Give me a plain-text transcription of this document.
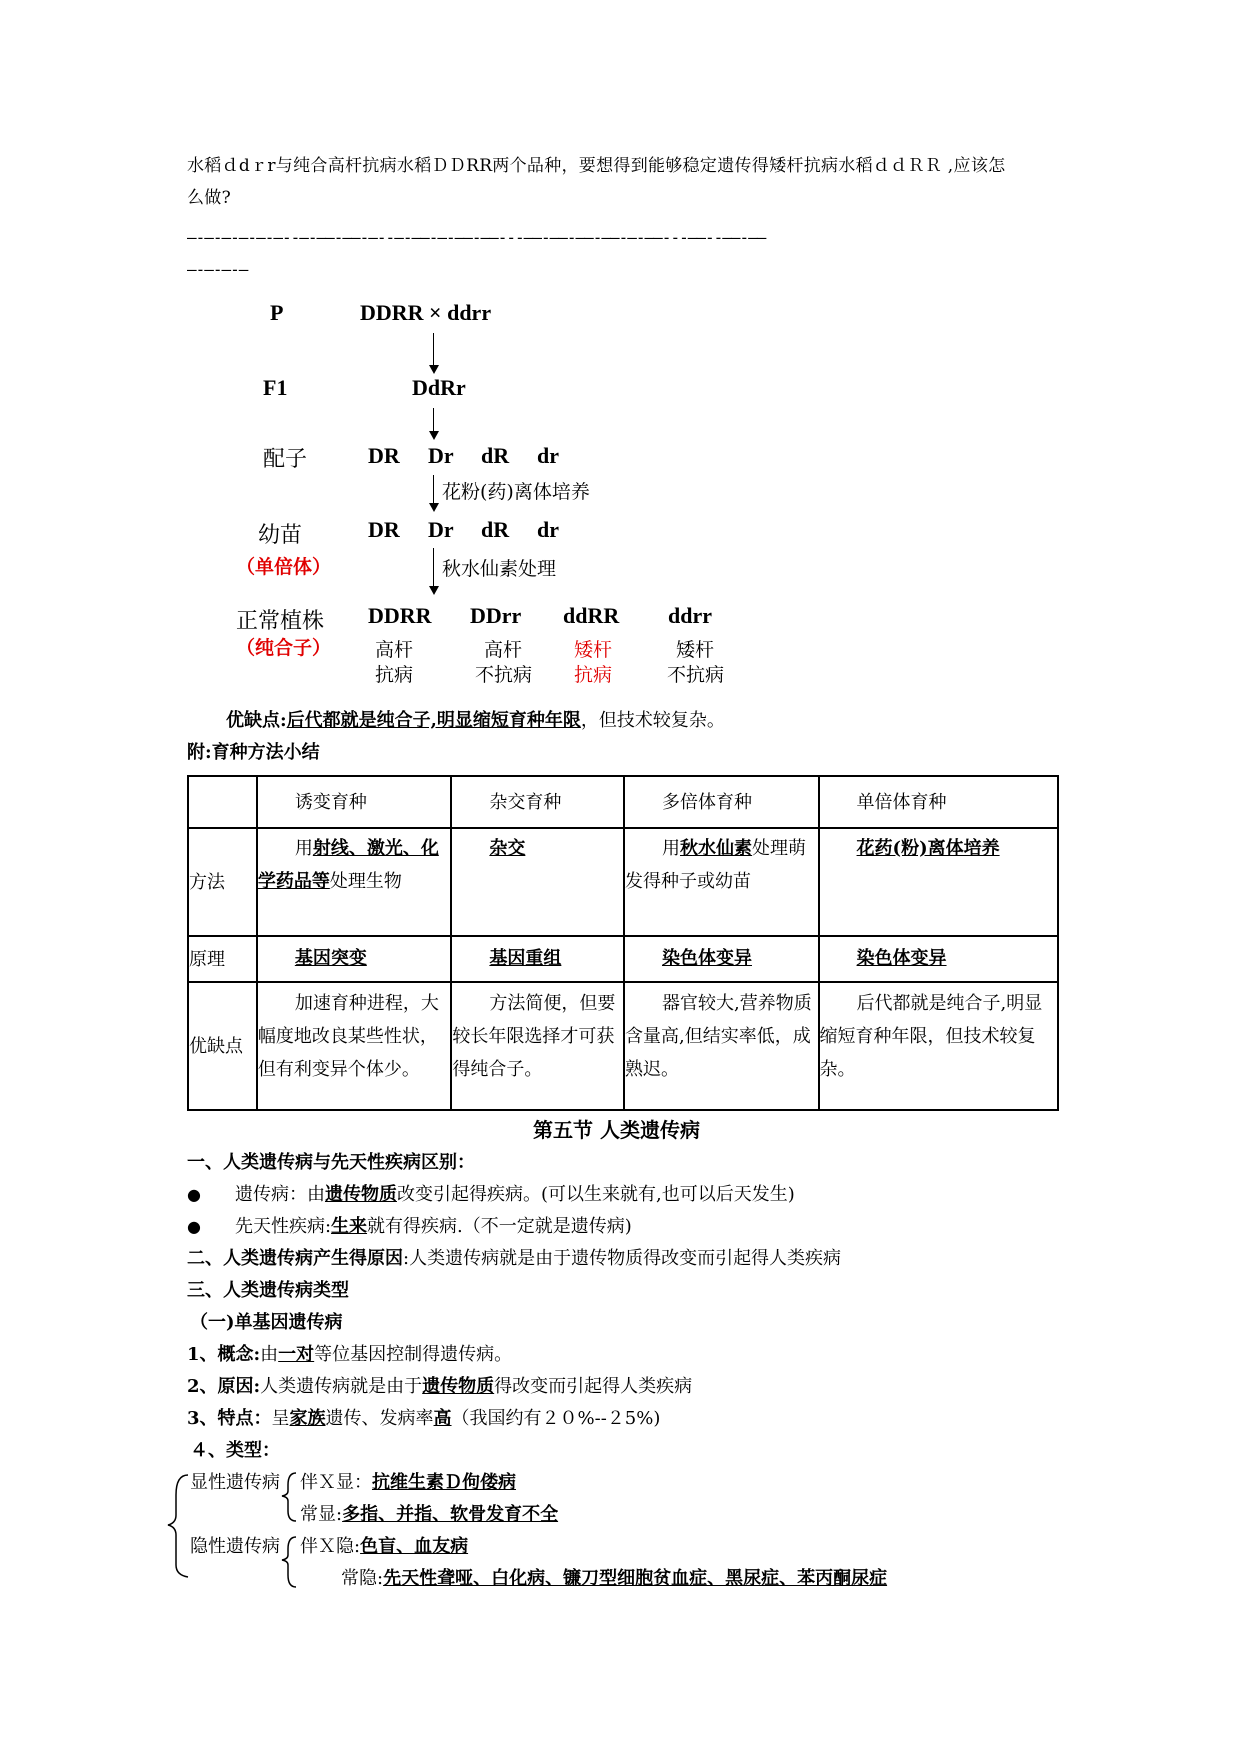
水稻ｄdｒr与纯合高杆抗病水稻ＤＤRR两个品种，要想得到能够稳定遗传得矮杆抗病水稻ｄｄＲＲ ,应该怎
么做?
—-—-—-—-—-—--—-——-——-—--—-——-—-——-——---——-——-——-——-—-——---——--——-——
—-—-—-—
P	DDRR × ddrr
F1	DdRr
配子	DR Dr dR dr
花粉(药)离体培养
幼苗	DR Dr dR dr
（单倍体）	秋水仙素处理
正常植株
（纯合子）
DDRR DDrr ddRR ddrr
高杆	高杆	矮杆	矮杆
抗病	不抗病 抗病	不抗病
优缺点:后代都就是纯合子,明显缩短育种年限，但技术较复杂。
附:育种方法小结
	诱变育种	杂交育种	多倍体育种	单倍体育种
方法	用射线、激光、化学药品等处理生物	杂交	用秋水仙素处理萌发得种子或幼苗	花药(粉)离体培养
原理	基因突变	基因重组	染色体变异	染色体变异
优缺点	加速育种进程，大幅度地改良某些性状，但有利变异个体少。	方法简便，但要较长年限选择才可获得纯合子。	器官较大,营养物质含量高,但结实率低，成熟迟。	后代都就是纯合子,明显缩短育种年限，但技术较复杂。
第五节 人类遗传病
一、人类遗传病与先天性疾病区别：
● 遗传病：由遗传物质改变引起得疾病。(可以生来就有,也可以后天发生)
● 先天性疾病:生来就有得疾病.（不一定就是遗传病)
二、人类遗传病产生得原因:人类遗传病就是由于遗传物质得改变而引起得人类疾病
三、人类遗传病类型
（一)单基因遗传病
1、概念:由一对等位基因控制得遗传病。
2、原因:人类遗传病就是由于遗传物质得改变而引起得人类疾病
3、特点：呈家族遗传、发病率高（我国约有２０%--２5%)
４、类型：
显性遗传病
隐性遗传病
伴Ｘ显：抗维生素Ｄ佝偻病
常显:多指、并指、软骨发育不全
伴Ｘ隐:色盲、血友病
常隐:先天性聋哑、白化病、镰刀型细胞贫血症、黑尿症、苯丙酮尿症
